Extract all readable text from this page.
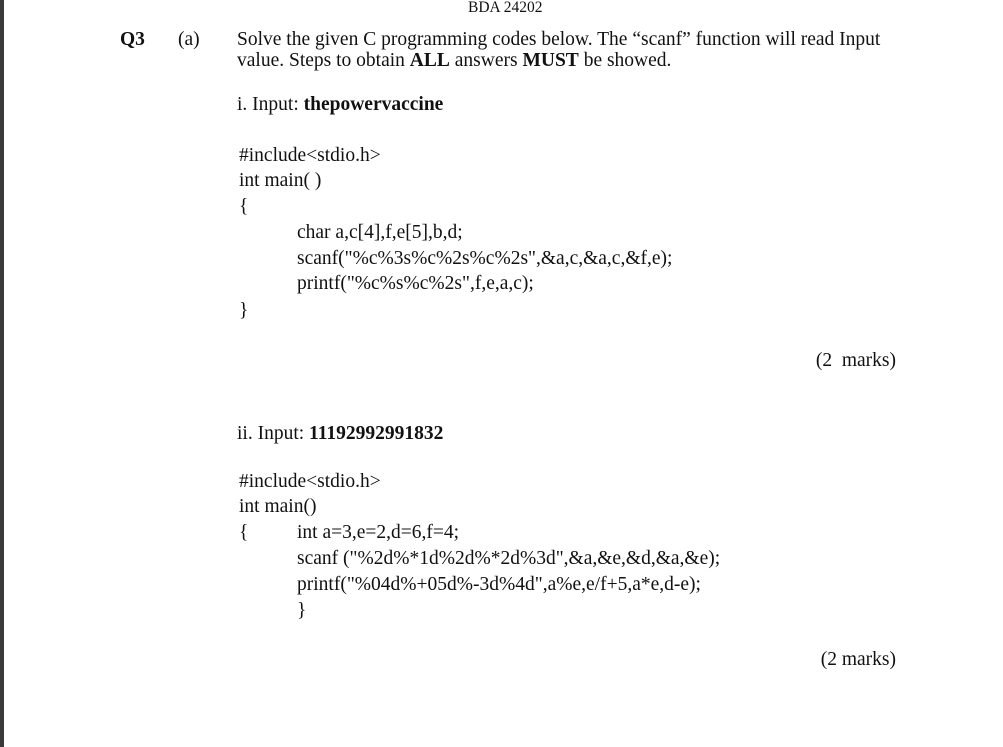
BDA 24202
Q3 (a) Solve the given C programming codes below. The “scanf” function will read Input
value. Steps to obtain ALL answers MUST be showed.
i. Input: thepowervaccine
#include<stdio.h>
int main( )
{
char a,c[4],f,e[5],b,d;
scanf("%c%3s%c%2s%c%2s",&a,c,&a,c,&f,e);
printf("%c%s%c%2s",f,e,a,c);
}
(2  marks)
ii. Input: 11192992991832
#include<stdio.h>
int main()
{ int a=3,e=2,d=6,f=4;
scanf ("%2d%*1d%2d%*2d%3d",&a,&e,&d,&a,&e);
printf("%04d%+05d%-3d%4d",a%e,e/f+5,a*e,d-e);
}
(2 marks)
